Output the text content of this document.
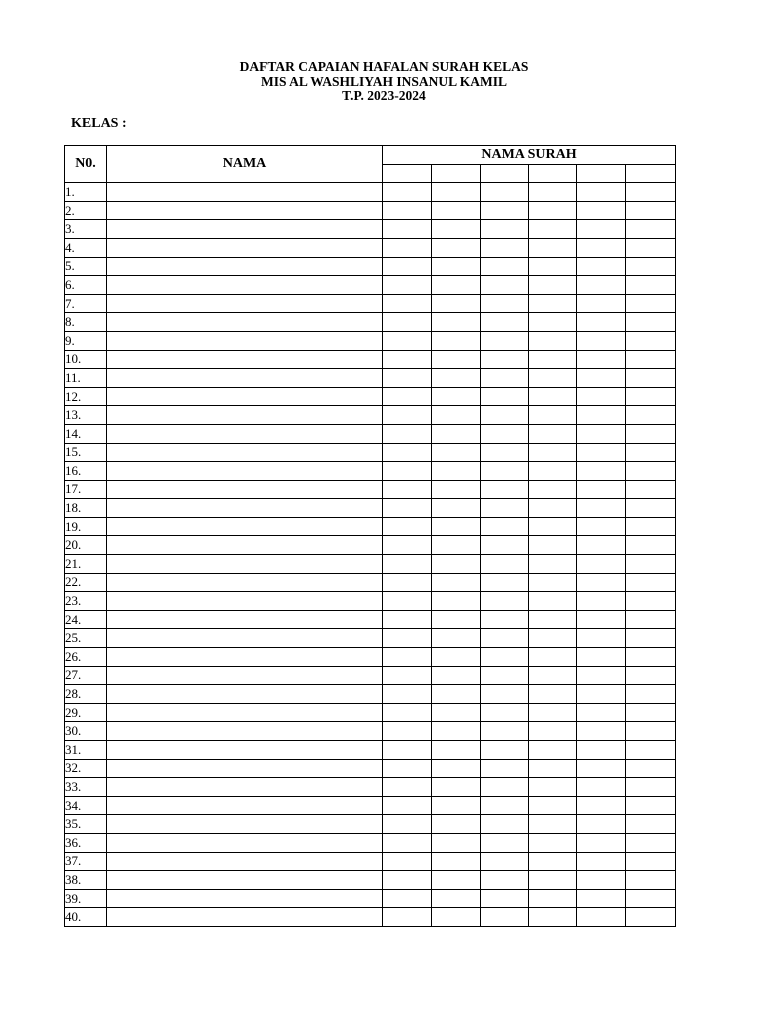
DAFTAR CAPAIAN HAFALAN SURAH KELAS
MIS AL WASHLIYAH INSANUL KAMIL
T.P. 2023-2024
KELAS :
N0.	NAMA	NAMA SURAH					

1.							
2.							
3.							
4.							
5.							
6.							
7.							
8.							
9.							
10.							
11.							
12.							
13.							
14.							
15.							
16.							
17.							
18.							
19.							
20.							
21.							
22.							
23.							
24.							
25.							
26.							
27.							
28.							
29.							
30.							
31.							
32.							
33.							
34.							
35.							
36.							
37.							
38.							
39.							
40.							
